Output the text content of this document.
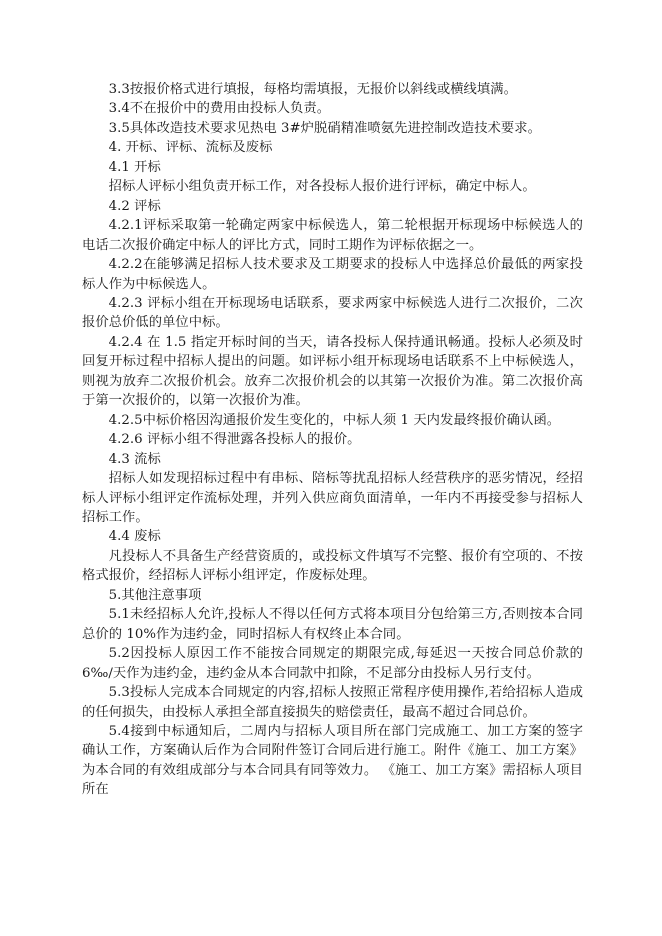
3.3按报价格式进行填报，每格均需填报，无报价以斜线或横线填满。

3.4不在报价中的费用由投标人负责。

3.5具体改造技术要求见热电 3#炉脱硝精准喷氨先进控制改造技术要求。

4. 开标、评标、流标及废标

4.1 开标

招标人评标小组负责开标工作，对各投标人报价进行评标，确定中标人。

4.2 评标

4.2.1评标采取第一轮确定两家中标候选人，第二轮根据开标现场中标候选人的电话二次报价确定中标人的评比方式，同时工期作为评标依据之一。

4.2.2在能够满足招标人技术要求及工期要求的投标人中选择总价最低的两家投标人作为中标候选人。

4.2.3 评标小组在开标现场电话联系，要求两家中标候选人进行二次报价，二次报价总价低的单位中标。

4.2.4 在 1.5 指定开标时间的当天，请各投标人保持通讯畅通。投标人必须及时回复开标过程中招标人提出的问题。如评标小组开标现场电话联系不上中标候选人，则视为放弃二次报价机会。放弃二次报价机会的以其第一次报价为准。第二次报价高于第一次报价的，以第一次报价为准。

4.2.5中标价格因沟通报价发生变化的，中标人须 1 天内发最终报价确认函。

4.2.6 评标小组不得泄露各投标人的报价。

4.3 流标

招标人如发现招标过程中有串标、陪标等扰乱招标人经营秩序的恶劣情况，经招标人评标小组评定作流标处理，并列入供应商负面清单，一年内不再接受参与招标人招标工作。

4.4 废标

凡投标人不具备生产经营资质的，或投标文件填写不完整、报价有空项的、不按格式报价，经招标人评标小组评定，作废标处理。

5.其他注意事项

5.1未经招标人允许,投标人不得以任何方式将本项目分包给第三方,否则按本合同总价的 10%作为违约金，同时招标人有权终止本合同。

5.2因投标人原因工作不能按合同规定的期限完成,每延迟一天按合同总价款的6‰/天作为违约金，违约金从本合同款中扣除，不足部分由投标人另行支付。

5.3投标人完成本合同规定的内容,招标人按照正常程序使用操作,若给招标人造成的任何损失，由投标人承担全部直接损失的赔偿责任，最高不超过合同总价。

5.4接到中标通知后，二周内与招标人项目所在部门完成施工、加工方案的签字确认工作，方案确认后作为合同附件签订合同后进行施工。附件《施工、加工方案》为本合同的有效组成部分与本合同具有同等效力。 《施工、加工方案》需招标人项目所在
